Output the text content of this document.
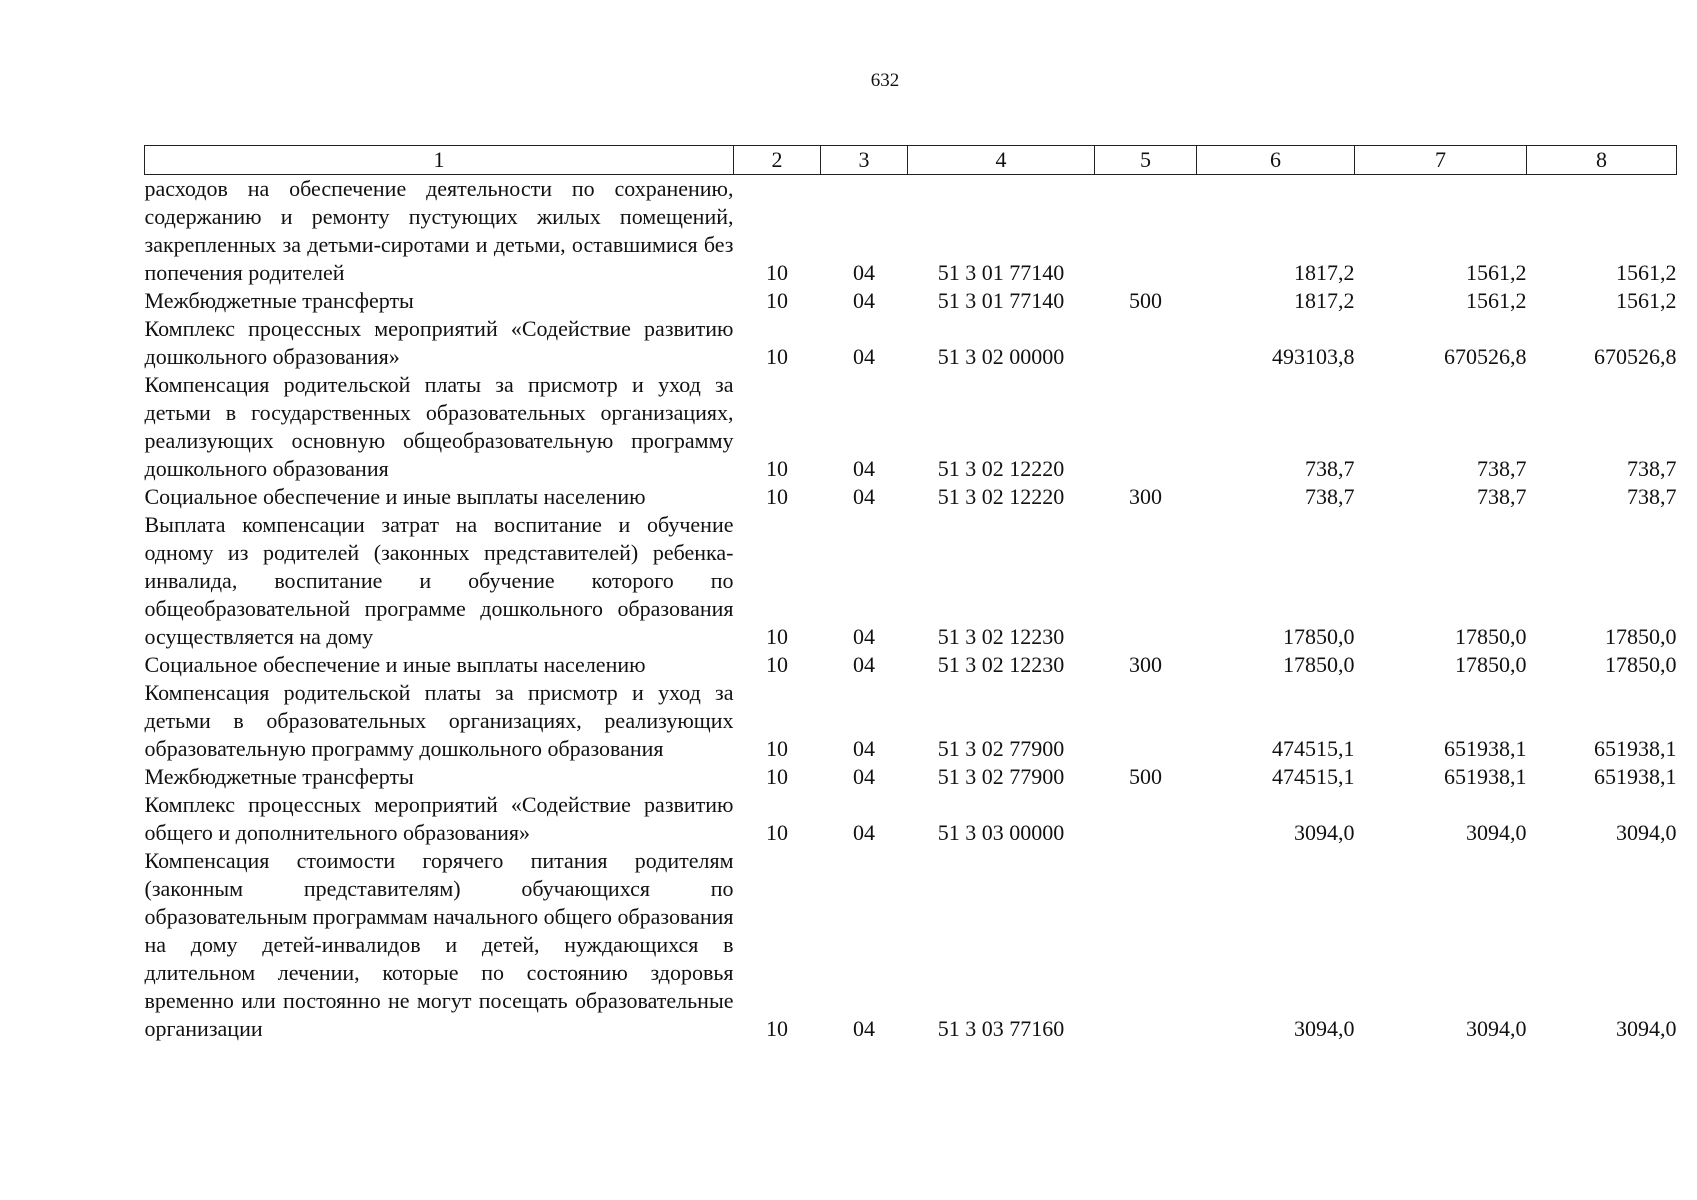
632
1	2	3	4	5	6	7	8
расходов на обеспечение деятельности по сохранению, содержанию и ремонту пустующих жилых помещений, закрепленных за детьми-сиротами и детьми, оставшимися без попечения родителей	10	04	51 3 01 77140		1817,2	1561,2	1561,2
Межбюджетные трансферты	10	04	51 3 01 77140	500	1817,2	1561,2	1561,2
Комплекс процессных мероприятий «Содействие развитию дошкольного образования»	10	04	51 3 02 00000		493103,8	670526,8	670526,8
Компенсация родительской платы за присмотр и уход за детьми в государственных образовательных организациях, реализующих основную общеобразовательную программу дошкольного образования	10	04	51 3 02 12220		738,7	738,7	738,7
Социальное обеспечение и иные выплаты населению	10	04	51 3 02 12220	300	738,7	738,7	738,7
Выплата компенсации затрат на воспитание и обучение одному из родителей (законных представителей) ребенка-инвалида, воспитание и обучение которого по общеобразовательной программе дошкольного образования осуществляется на дому	10	04	51 3 02 12230		17850,0	17850,0	17850,0
Социальное обеспечение и иные выплаты населению	10	04	51 3 02 12230	300	17850,0	17850,0	17850,0
Компенсация родительской платы за присмотр и уход за детьми в образовательных организациях, реализующих образовательную программу дошкольного образования	10	04	51 3 02 77900		474515,1	651938,1	651938,1
Межбюджетные трансферты	10	04	51 3 02 77900	500	474515,1	651938,1	651938,1
Комплекс процессных мероприятий «Содействие развитию общего и дополнительного образования»	10	04	51 3 03 00000		3094,0	3094,0	3094,0
Компенсация стоимости горячего питания родителям (законным представителям) обучающихся по образовательным программам начального общего образования на дому детей-инвалидов и детей, нуждающихся в длительном лечении, которые по состоянию здоровья временно или постоянно не могут посещать образовательные организации	10	04	51 3 03 77160		3094,0	3094,0	3094,0
